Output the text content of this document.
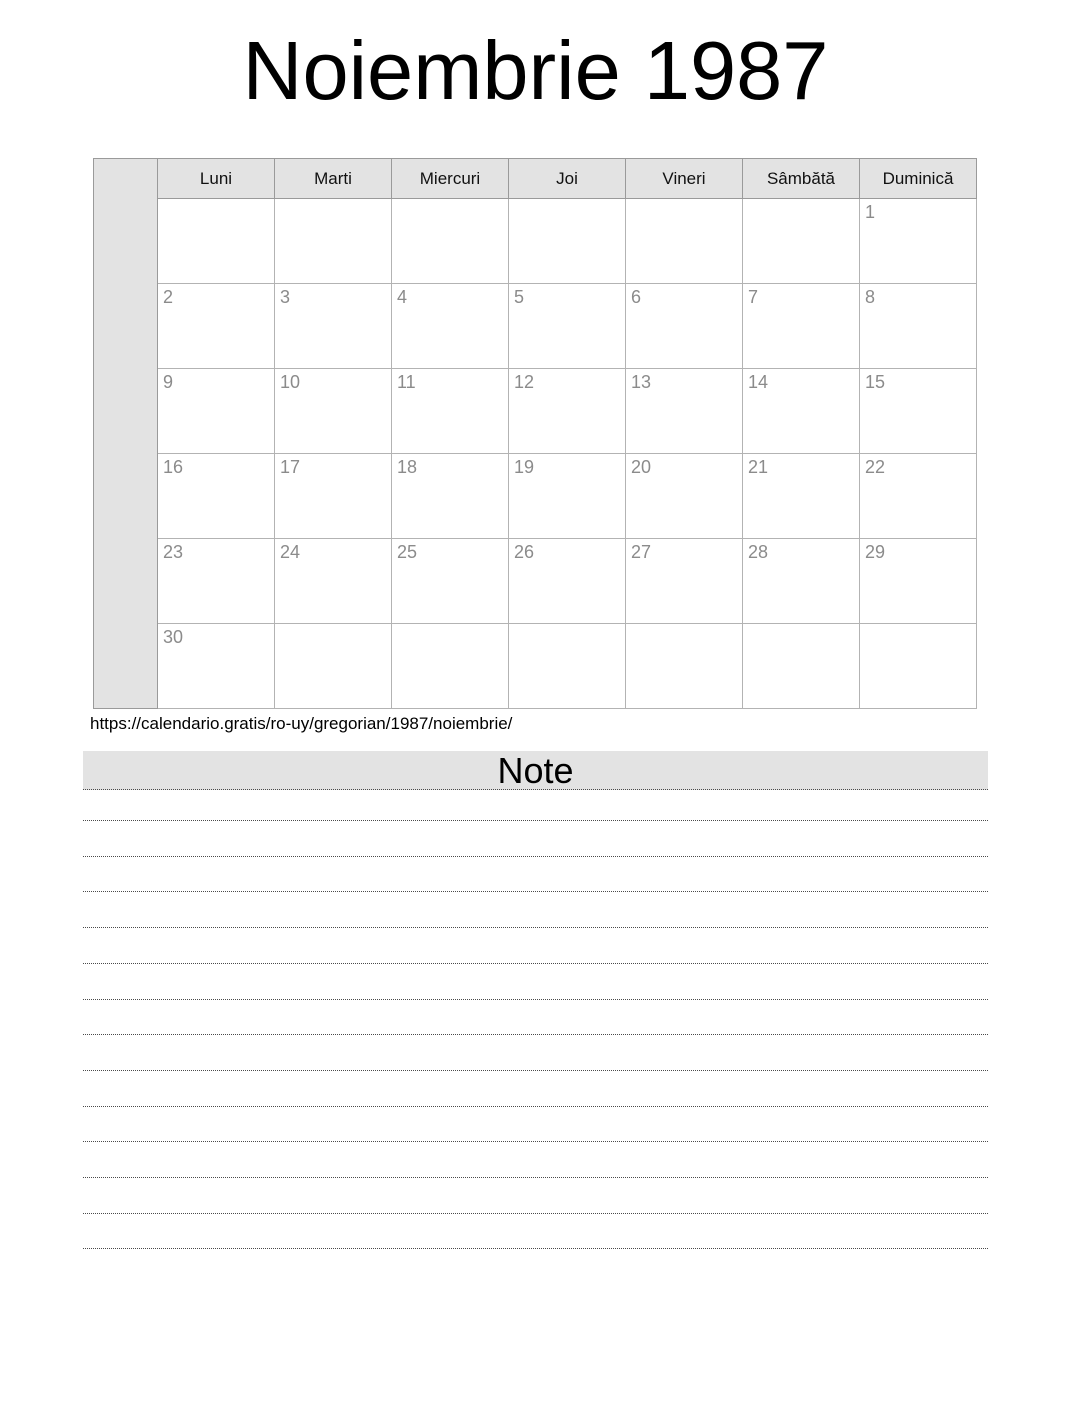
Noiembrie 1987
	Luni	Marti	Miercuri	Joi	Vineri	Sâmbătă	Duminică
							1
	2	3	4	5	6	7	8
	9	10	11	12	13	14	15
	16	17	18	19	20	21	22
	23	24	25	26	27	28	29
	30						
https://calendario.gratis/ro-uy/gregorian/1987/noiembrie/
Note
